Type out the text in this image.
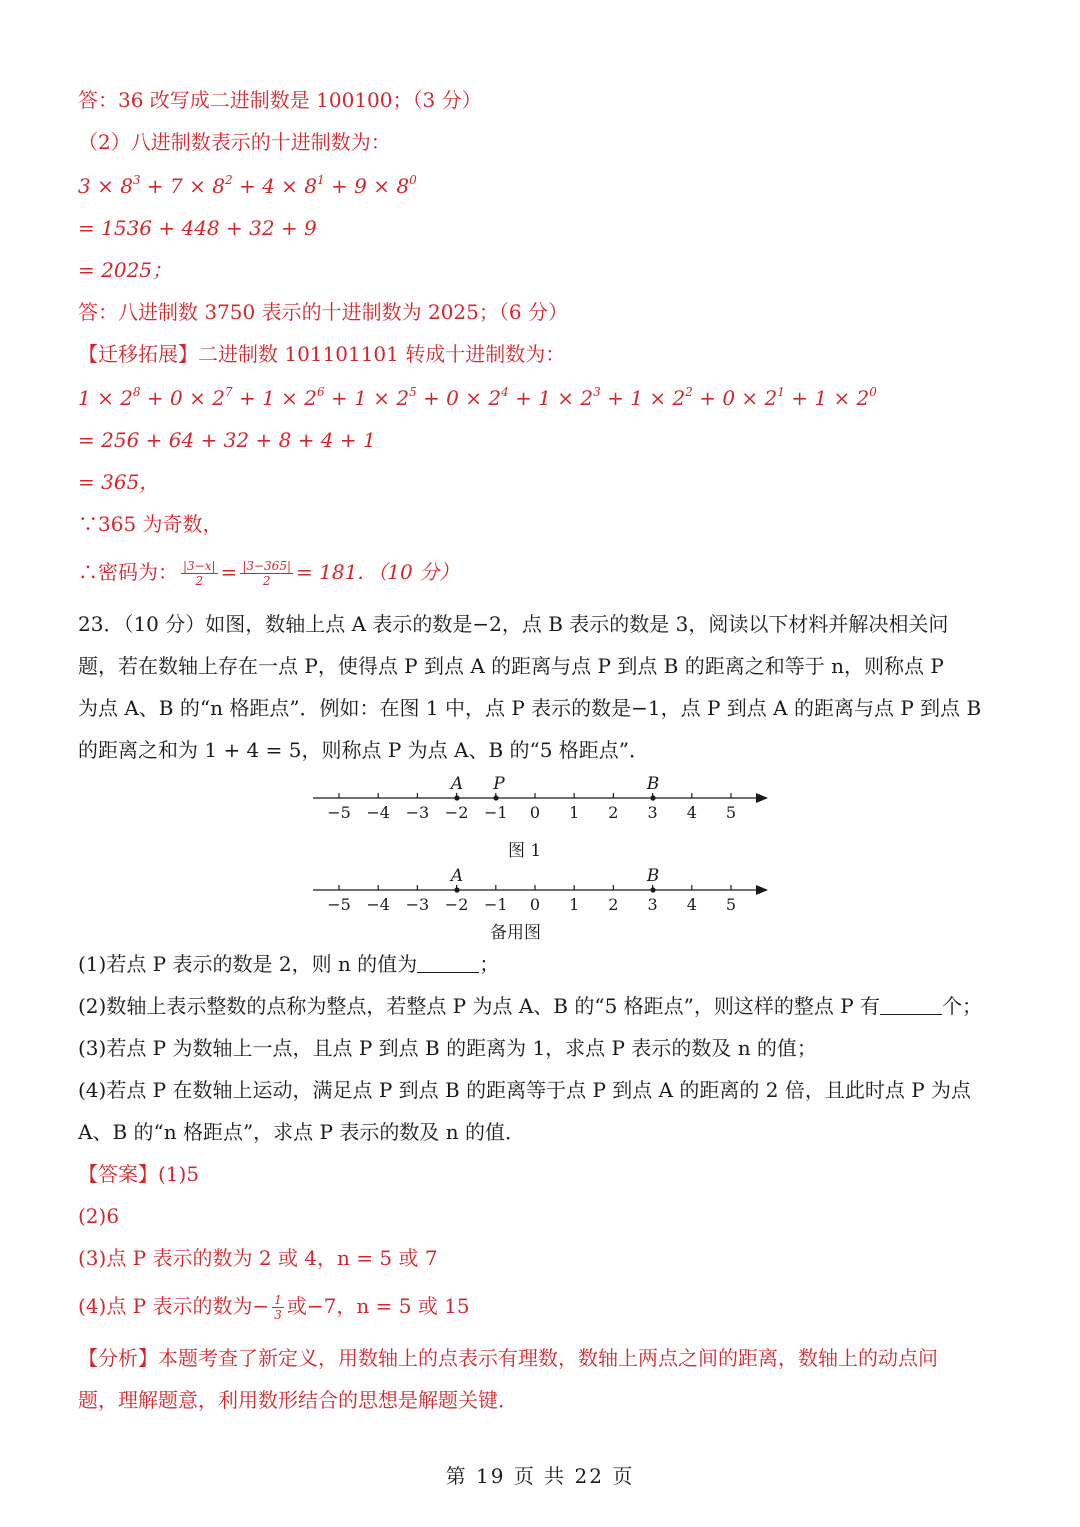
答：36 改写成二进制数是 100100；（3 分）
（2）八进制数表示的十进制数为：
$3 \times 8^3 + 7 \times 8^2 + 4 \times 8^1 + 9 \times 8^0$
= 1536 + 448 + 32 + 9
= 2025；
答：八进制数 3750 表示的十进制数为 2025；（6 分）
【迁移拓展】二进制数 101101101 转成十进制数为：
$1 \times 2^8 + 0 \times 2^7 + 1 \times 2^6 + 1 \times 2^5 + 0 \times 2^4 + 1 \times 2^3 + 1 \times 2^2 + 0 \times 2^1 + 1 \times 2^0$
= 256 + 64 + 32 + 8 + 4 + 1
= 365，
∵365 为奇数，
∴密码为： $\frac{|3-x|}{2} = \frac{|3-365|}{2} = 181$．（10 分）
23．（10 分）如图，数轴上点 A 表示的数是−2，点 B 表示的数是 3，阅读以下材料并解决相关问
题，若在数轴上存在一点 P，使得点 P 到点 A 的距离与点 P 到点 B 的距离之和等于 n，则称点 P
为点 A、B 的“n 格距点”．例如：在图 1 中，点 P 表示的数是−1，点 P 到点 A 的距离与点 P 到点 B
的距离之和为 1 + 4 = 5，则称点 P 为点 A、B 的“5 格距点”．
−5 −4 −3 −2 −1 0 1 2 3 4 5
A P	B
图 1
−5 −4 −3 −2 −1 0 1 2 3 4 5
A	B
备用图
(1)若点 P 表示的数是 2，则 n 的值为	；
(2)数轴上表示整数的点称为整点，若整点 P 为点 A、B 的“5 格距点”，则这样的整点 P 有	个；
(3)若点 P 为数轴上一点，且点 P 到点 B 的距离为 1，求点 P 表示的数及 n 的值；
(4)若点 P 在数轴上运动，满足点 P 到点 B 的距离等于点 P 到点 A 的距离的 2 倍，且此时点 P 为点
A、B 的“n 格距点”，求点 P 表示的数及 n 的值．
【答案】(1)5
(2)6
(3)点 P 表示的数为 2 或 4，n = 5 或 7
(4)点 P 表示的数为− $\frac{1}{3}$ 或−7，n = 5 或 15
【分析】本题考查了新定义，用数轴上的点表示有理数，数轴上两点之间的距离，数轴上的动点问
题，理解题意，利用数形结合的思想是解题关键．
第 19 页 共 22 页
